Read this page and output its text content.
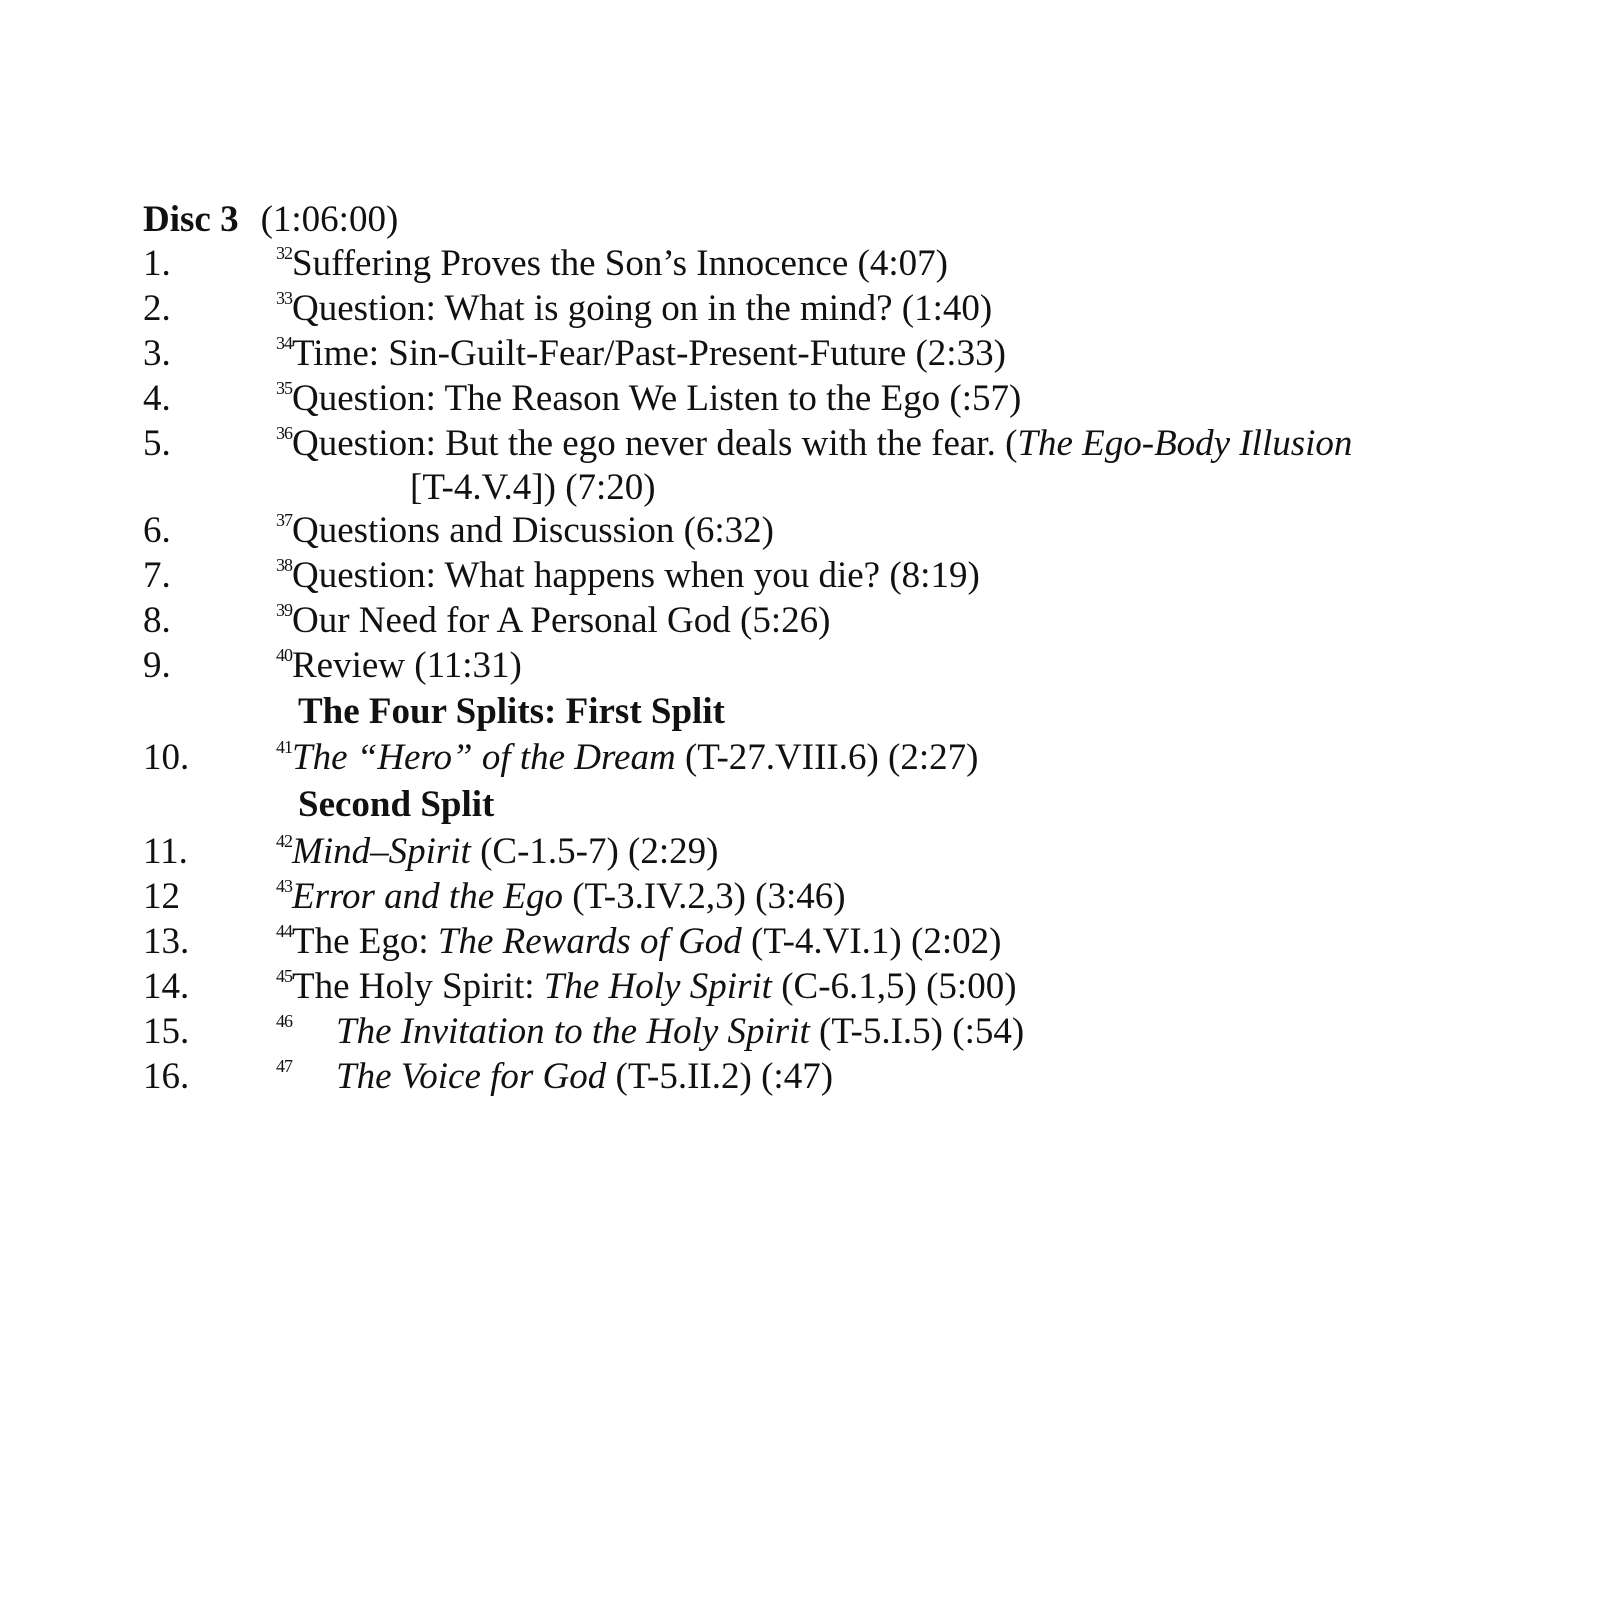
Disc 3 (1:06:00)
1.	$^{32}$Suffering Proves the Son’s Innocence (4:07)
2.	$^{33}$Question: What is going on in the mind? (1:40)
3.	$^{34}$Time: Sin-Guilt-Fear/Past-Present-Future (2:33)
4.	$^{35}$Question: The Reason We Listen to the Ego (:57)
5.	$^{36}$Question: But the ego never deals with the fear. (The Ego-Body Illusion
[T-4.V.4]) (7:20)
6.	$^{37}$Questions and Discussion (6:32)
7.	$^{38}$Question: What happens when you die? (8:19)
8.	$^{39}$Our Need for A Personal God (5:26)
9.	$^{40}$Review (11:31)
The Four Splits: First Split
10.	$^{41}$The “Hero” of the Dream (T-27.VIII.6) (2:27)
Second Split
11.	$^{42}$Mind–Spirit (C-1.5-7) (2:29)
12	$^{43}$Error and the Ego (T-3.IV.2,3) (3:46)
13.	$^{44}$The Ego: The Rewards of God (T-4.VI.1) (2:02)
14.	$^{45}$The Holy Spirit: The Holy Spirit (C-6.1,5) (5:00)
15.	$^{46}$ The Invitation to the Holy Spirit (T-5.I.5) (:54)
16.	$^{47}$ The Voice for God (T-5.II.2) (:47)
